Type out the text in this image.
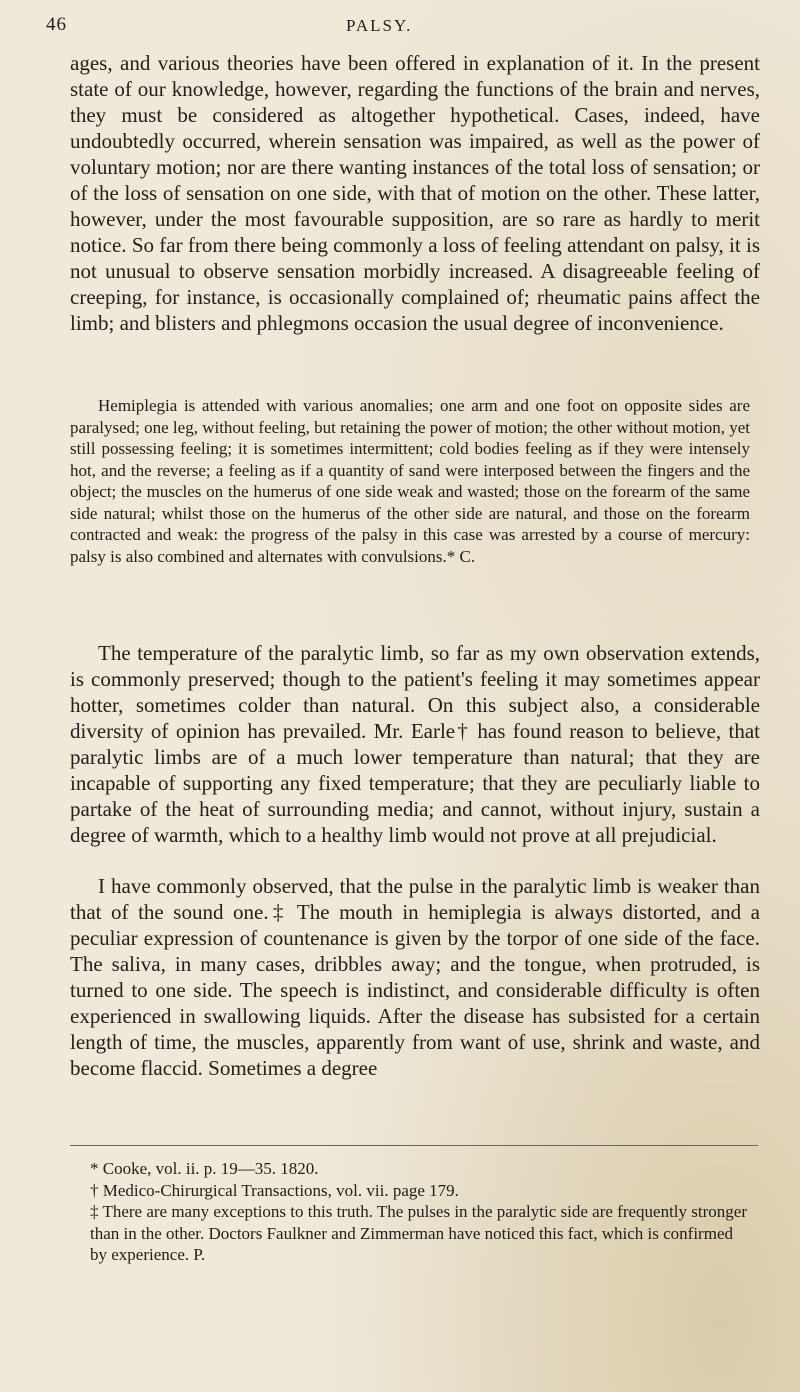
46	PALSY.

ages, and various theories have been offered in explanation of it. In the present state of our knowledge, however, regarding the functions of the brain and nerves, they must be considered as altogether hypothetical. Cases, indeed, have undoubtedly occurred, wherein sensation was impaired, as well as the power of voluntary motion; nor are there wanting instances of the total loss of sensation; or of the loss of sensation on one side, with that of motion on the other. These latter, however, under the most favourable supposition, are so rare as hardly to merit notice. So far from there being commonly a loss of feeling attendant on palsy, it is not unusual to observe sensation morbidly increased. A disagreeable feeling of creeping, for instance, is occasionally complained of; rheumatic pains affect the limb; and blisters and phlegmons occasion the usual degree of inconvenience.

Hemiplegia is attended with various anomalies; one arm and one foot on opposite sides are paralysed; one leg, without feeling, but retaining the power of motion; the other without motion, yet still possessing feeling; it is sometimes intermittent; cold bodies feeling as if they were intensely hot, and the reverse; a feeling as if a quantity of sand were interposed between the fingers and the object; the muscles on the humerus of one side weak and wasted; those on the forearm of the same side natural; whilst those on the humerus of the other side are natural, and those on the forearm contracted and weak: the progress of the palsy in this case was arrested by a course of mercury: palsy is also combined and alternates with convulsions.* C.

The temperature of the paralytic limb, so far as my own observation extends, is commonly preserved; though to the patient's feeling it may sometimes appear hotter, sometimes colder than natural. On this subject also, a considerable diversity of opinion has prevailed. Mr. Earle† has found reason to believe, that paralytic limbs are of a much lower temperature than natural; that they are incapable of supporting any fixed temperature; that they are peculiarly liable to partake of the heat of surrounding media; and cannot, without injury, sustain a degree of warmth, which to a healthy limb would not prove at all prejudicial.

I have commonly observed, that the pulse in the paralytic limb is weaker than that of the sound one.‡ The mouth in hemiplegia is always distorted, and a peculiar expression of countenance is given by the torpor of one side of the face. The saliva, in many cases, dribbles away; and the tongue, when protruded, is turned to one side. The speech is indistinct, and considerable difficulty is often experienced in swallowing liquids. After the disease has subsisted for a certain length of time, the muscles, apparently from want of use, shrink and waste, and become flaccid. Sometimes a degree

* Cooke, vol. ii. p. 19—35. 1820.

† Medico-Chirurgical Transactions, vol. vii. page 179.

‡ There are many exceptions to this truth. The pulses in the paralytic side are frequently stronger than in the other. Doctors Faulkner and Zimmerman have noticed this fact, which is confirmed by experience. P.
